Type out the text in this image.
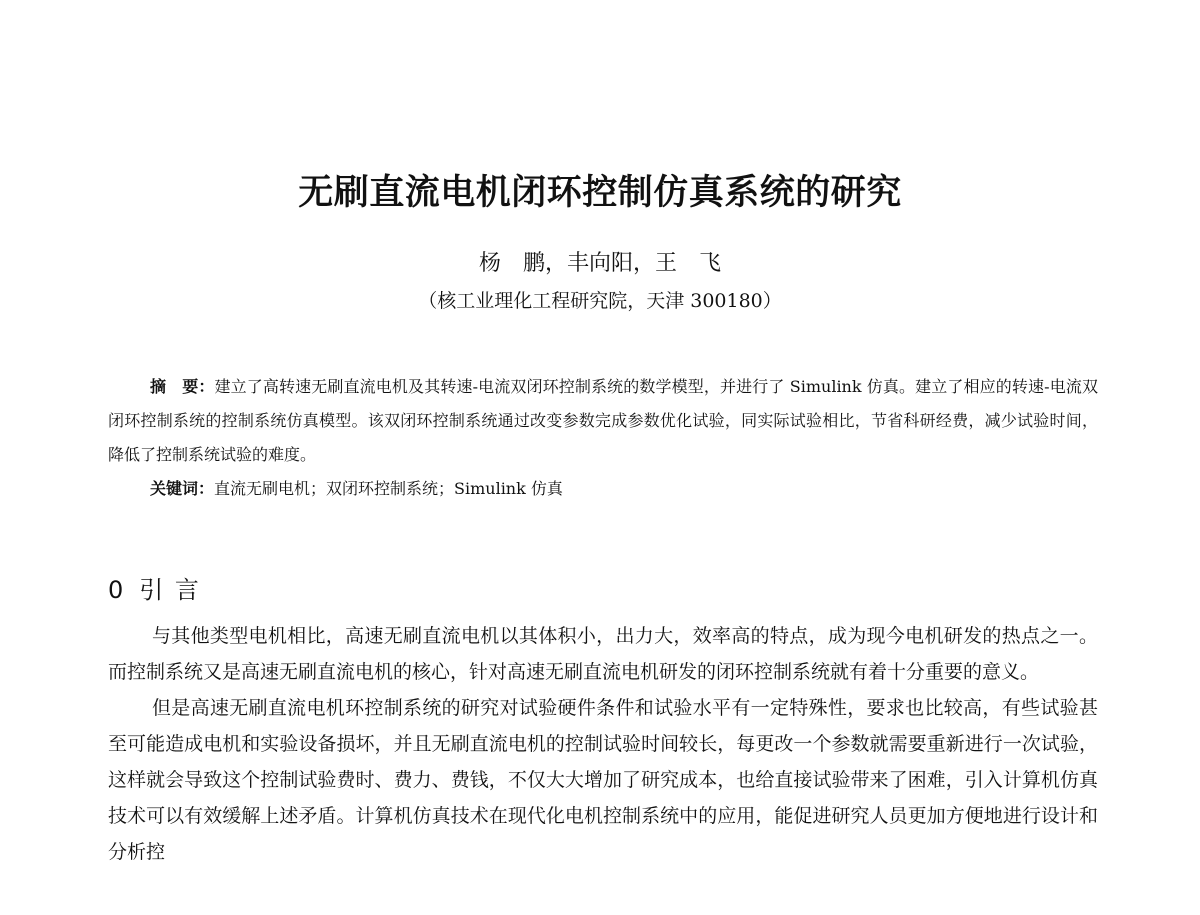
无刷直流电机闭环控制仿真系统的研究
杨　鹏，丰向阳，王　飞
（核工业理化工程研究院，天津 300180）

摘　要：建立了高转速无刷直流电机及其转速-电流双闭环控制系统的数学模型，并进行了 Simulink 仿真。建立了相应的转速-电流双闭环控制系统的控制系统仿真模型。该双闭环控制系统通过改变参数完成参数优化试验，同实际试验相比，节省科研经费，减少试验时间，降低了控制系统试验的难度。

关键词：直流无刷电机；双闭环控制系统；Simulink 仿真

0 引 言

与其他类型电机相比，高速无刷直流电机以其体积小，出力大，效率高的特点，成为现今电机研发的热点之一。而控制系统又是高速无刷直流电机的核心，针对高速无刷直流电机研发的闭环控制系统就有着十分重要的意义。

但是高速无刷直流电机环控制系统的研究对试验硬件条件和试验水平有一定特殊性，要求也比较高，有些试验甚至可能造成电机和实验设备损坏，并且无刷直流电机的控制试验时间较长，每更改一个参数就需要重新进行一次试验，这样就会导致这个控制试验费时、费力、费钱，不仅大大增加了研究成本，也给直接试验带来了困难，引入计算机仿真技术可以有效缓解上述矛盾。计算机仿真技术在现代化电机控制系统中的应用，能促进研究人员更加方便地进行设计和分析控
